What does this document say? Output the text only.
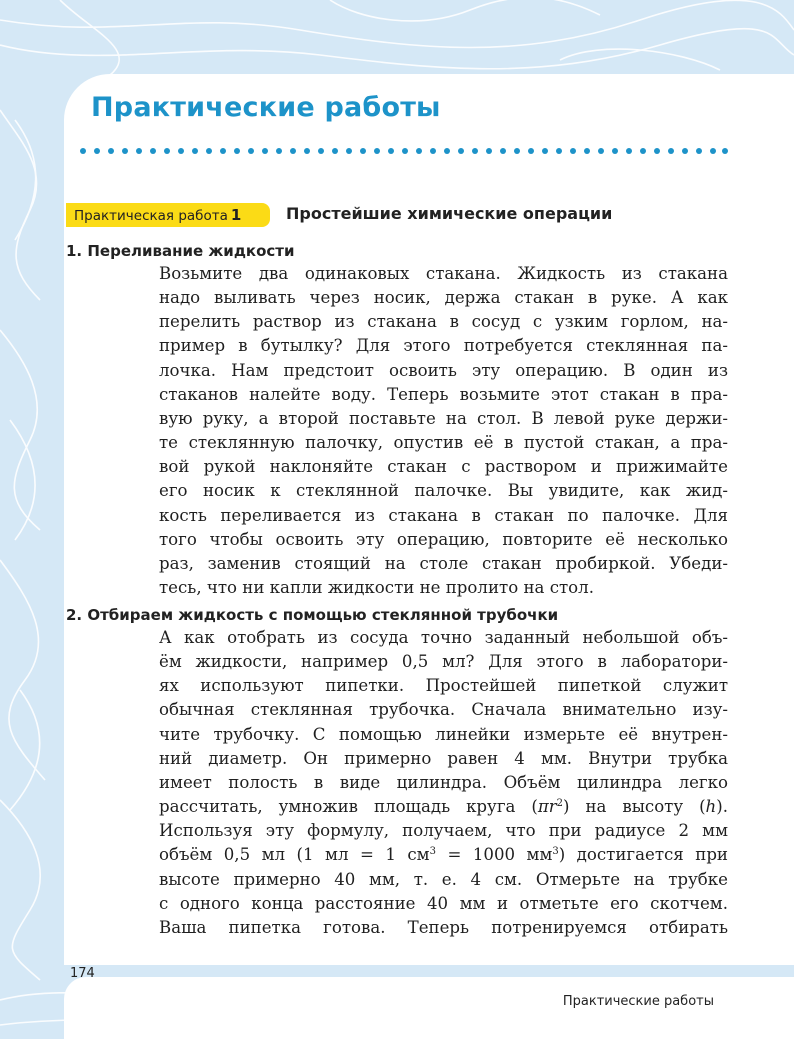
Практические работы
Практическая работа 1	Простейшие химические операции
1. Переливание жидкости
Возьмите два одинаковых стакана. Жидкость из стакана
надо выливать через носик, держа стакан в руке. А как
перелить раствор из стакана в сосуд с узким горлом, на-
пример в бутылку? Для этого потребуется стеклянная па-
лочка. Нам предстоит освоить эту операцию. В один из
стаканов налейте воду. Теперь возьмите этот стакан в пра-
вую руку, а второй поставьте на стол. В левой руке держи-
те стеклянную палочку, опустив её в пустой стакан, а пра-
вой рукой наклоняйте стакан с раствором и прижимайте
его носик к стеклянной палочке. Вы увидите, как жид-
кость переливается из стакана в стакан по палочке. Для
того чтобы освоить эту операцию, повторите её несколько
раз, заменив стоящий на столе стакан пробиркой. Убеди-
тесь, что ни капли жидкости не пролито на стол.
2. Отбираем жидкость с помощью стеклянной трубочки
А как отобрать из сосуда точно заданный небольшой объ-
ём жидкости, например 0,5 мл? Для этого в лаборатори-
ях используют пипетки. Простейшей пипеткой служит
обычная стеклянная трубочка. Сначала внимательно изу-
чите трубочку. С помощью линейки измерьте её внутрен-
ний диаметр. Он примерно равен 4 мм. Внутри трубка
имеет полость в виде цилиндра. Объём цилиндра легко
рассчитать, умножив площадь круга $(\pi r^2)$ на высоту (h).
Используя эту формулу, получаем, что при радиусе 2 мм
объём 0,5 мл (1 мл = 1 $см^3 = 1000$ $мм^3$) достигается при
высоте примерно 40 мм, т. е. 4 см. Отмерьте на трубке
с одного конца расстояние 40 мм и отметьте его скотчем.
Ваша пипетка готова. Теперь потренируемся отбирать
174
Практические работы
